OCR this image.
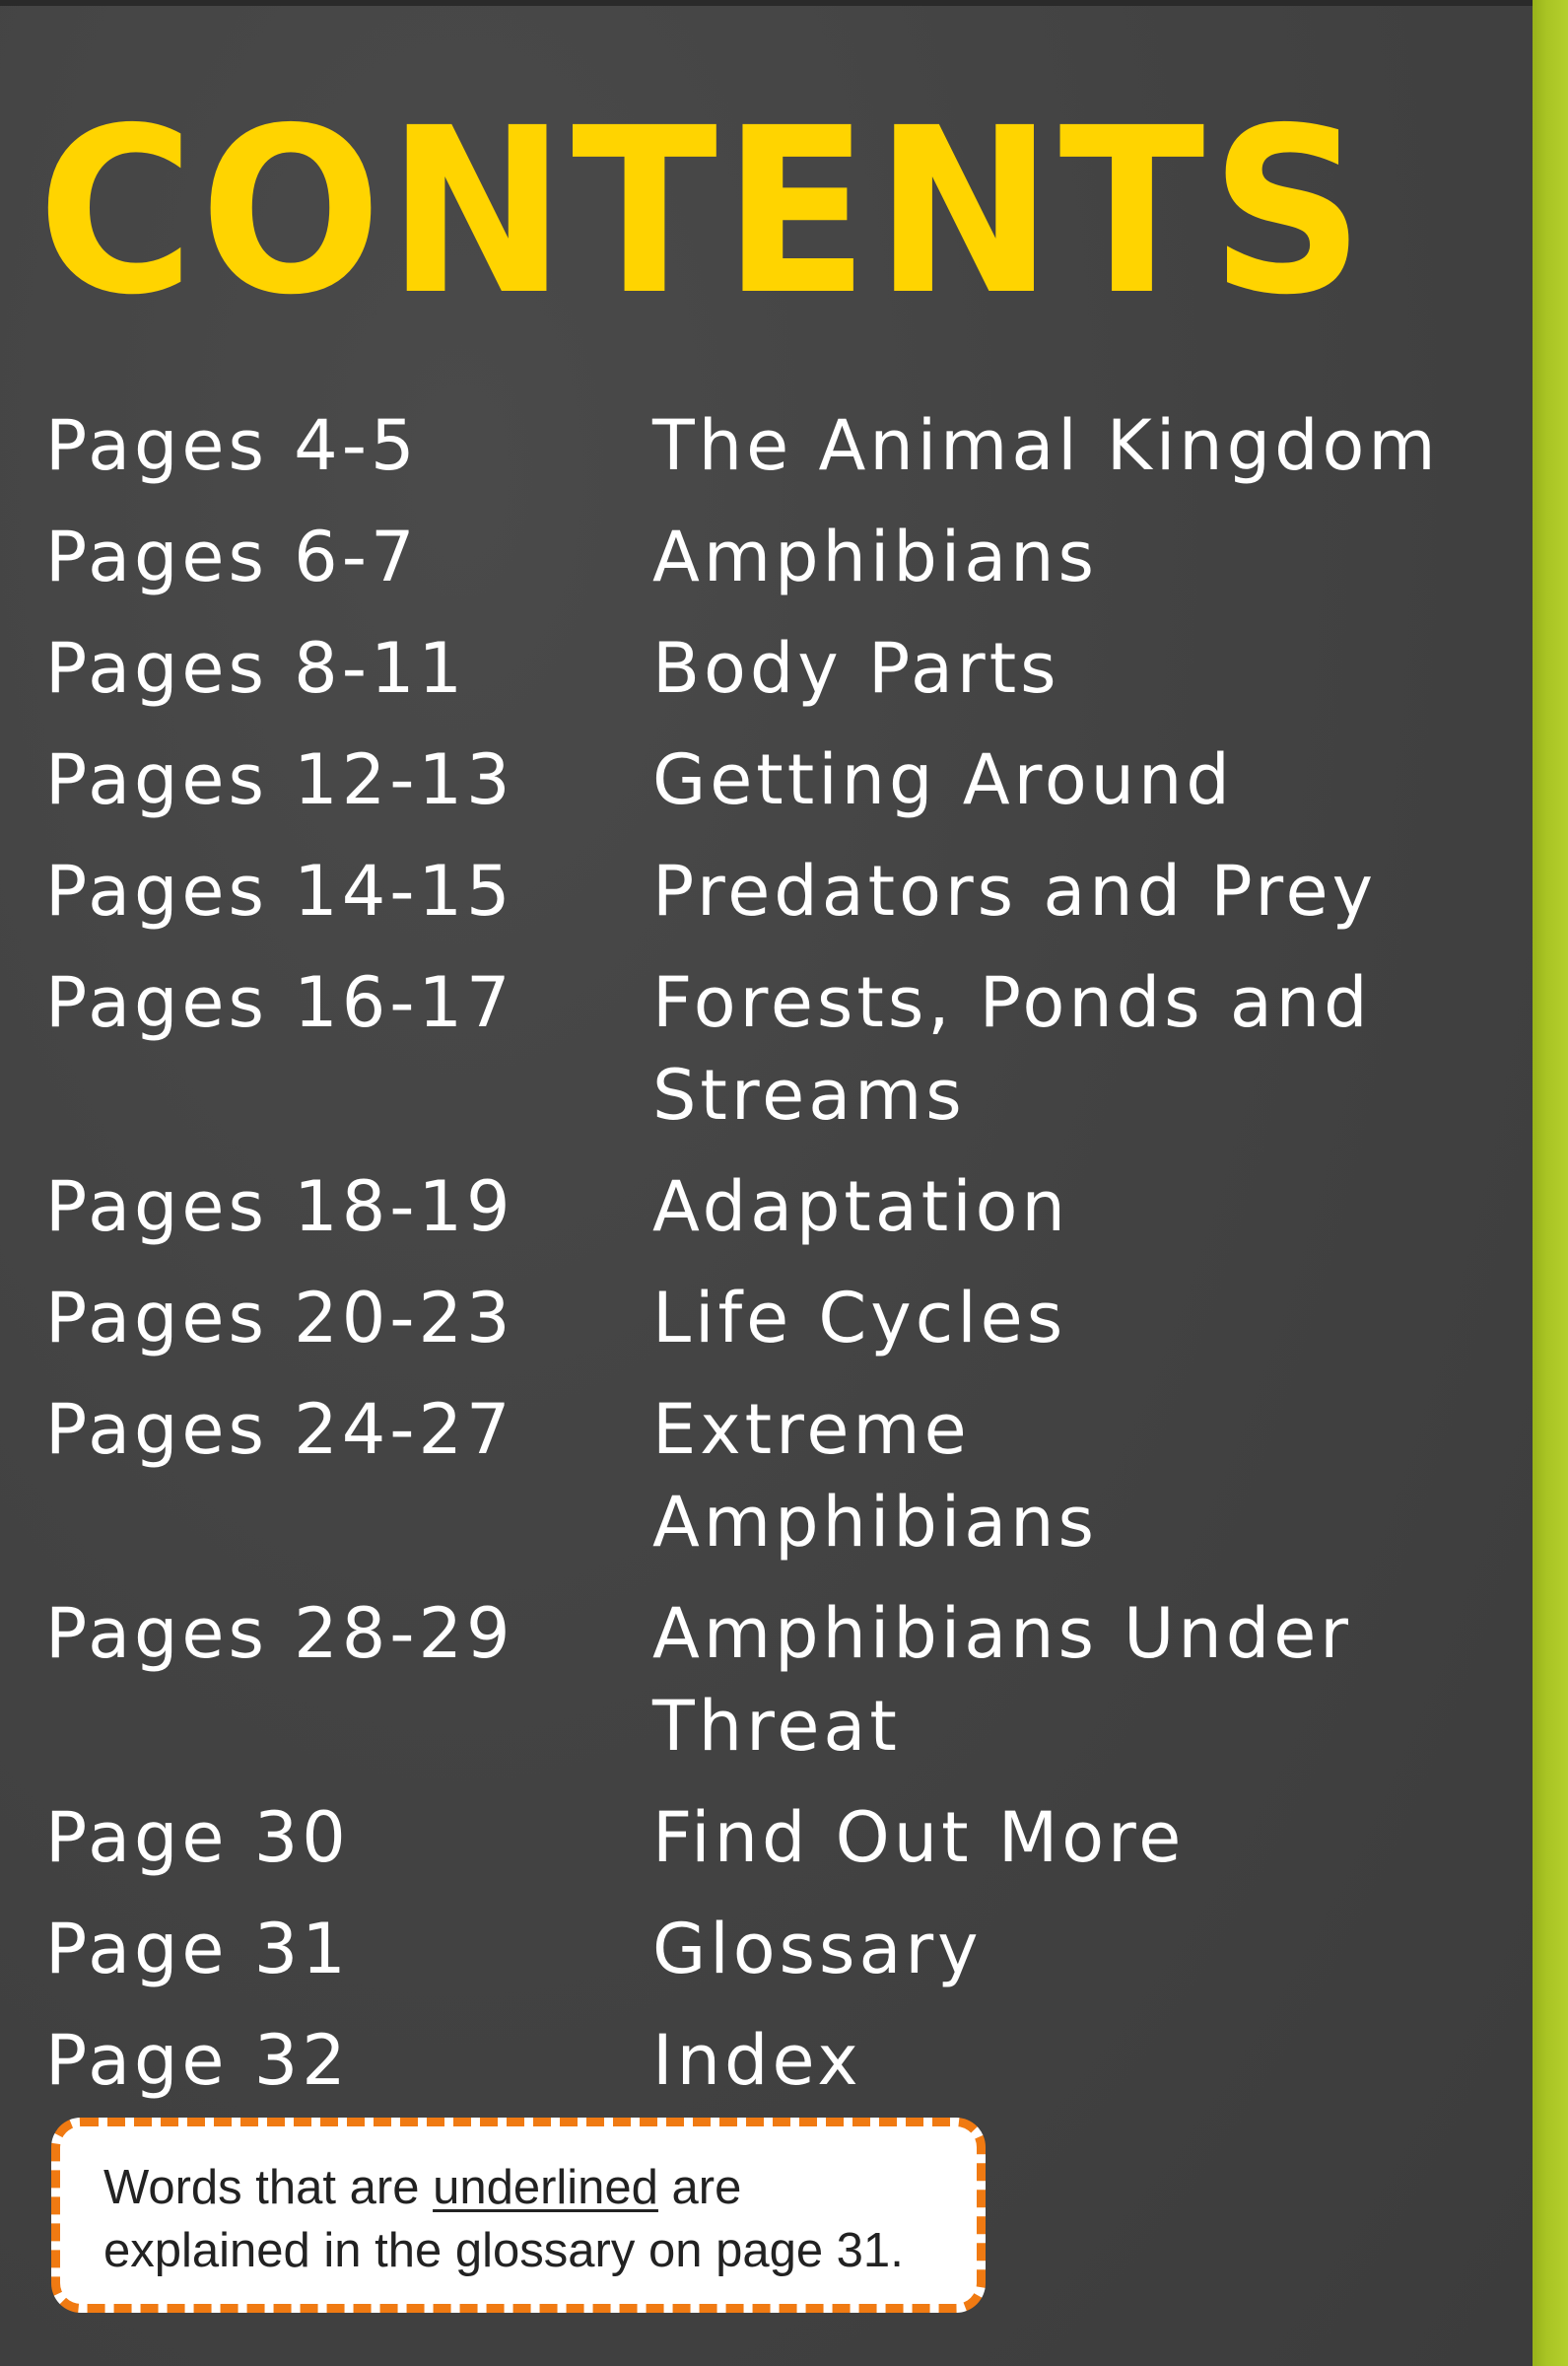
CONTENTS
Pages 4-5	The Animal Kingdom
Pages 6-7	Amphibians
Pages 8-11	Body Parts
Pages 12-13	Getting Around
Pages 14-15	Predators and Prey
Pages 16-17	Forests, Ponds and Streams
Pages 18-19	Adaptation
Pages 20-23	Life Cycles
Pages 24-27	Extreme Amphibians
Pages 28-29	Amphibians Under Threat
Page 30	Find Out More
Page 31	Glossary
Page 32	Index
Words that are underlined are explained in the glossary on page 31.
